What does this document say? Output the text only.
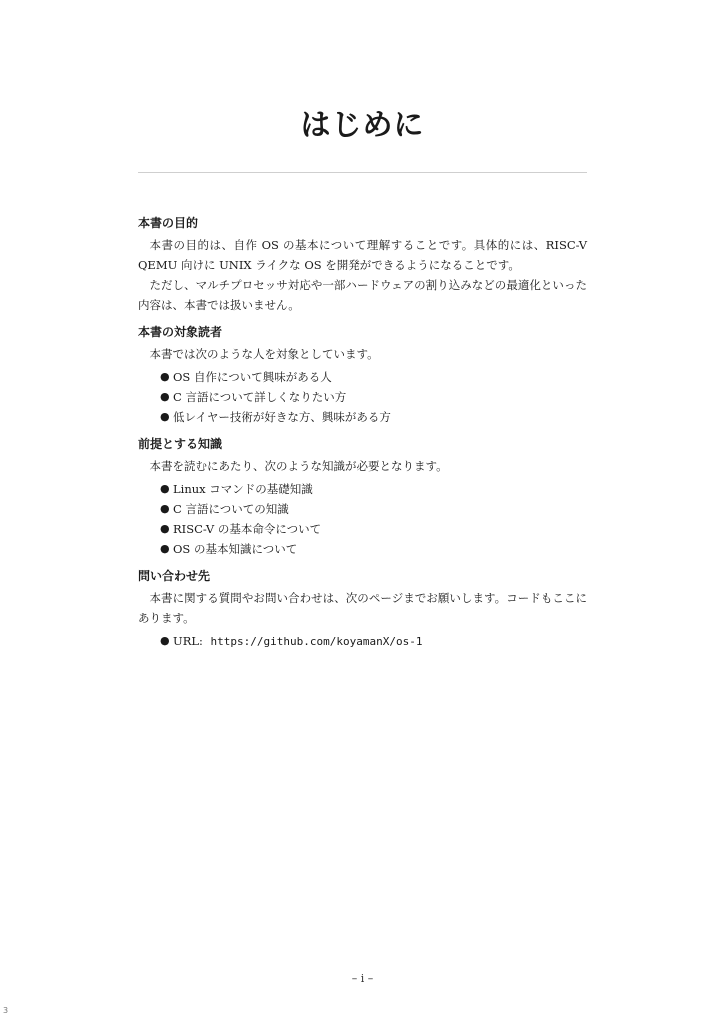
はじめに
本書の目的

本書の目的は、自作 OS の基本について理解することです。具体的には、RISC-V QEMU 向けに UNIX ライクな OS を開発ができるようになることです。

ただし、マルチプロセッサ対応や一部ハードウェアの割り込みなどの最適化といった内容は、本書では扱いません。

本書の対象読者

本書では次のような人を対象としています。

● OS 自作について興味がある人
● C 言語について詳しくなりたい方
● 低レイヤー技術が好きな方、興味がある方
前提とする知識

本書を読むにあたり、次のような知識が必要となります。

● Linux コマンドの基礎知識
● C 言語についての知識
● RISC-V の基本命令について
● OS の基本知識について
問い合わせ先

本書に関する質問やお問い合わせは、次のページまでお願いします。コードもここにあります。

● URL: https://github.com/koyamanX/os-1
– i –
3
